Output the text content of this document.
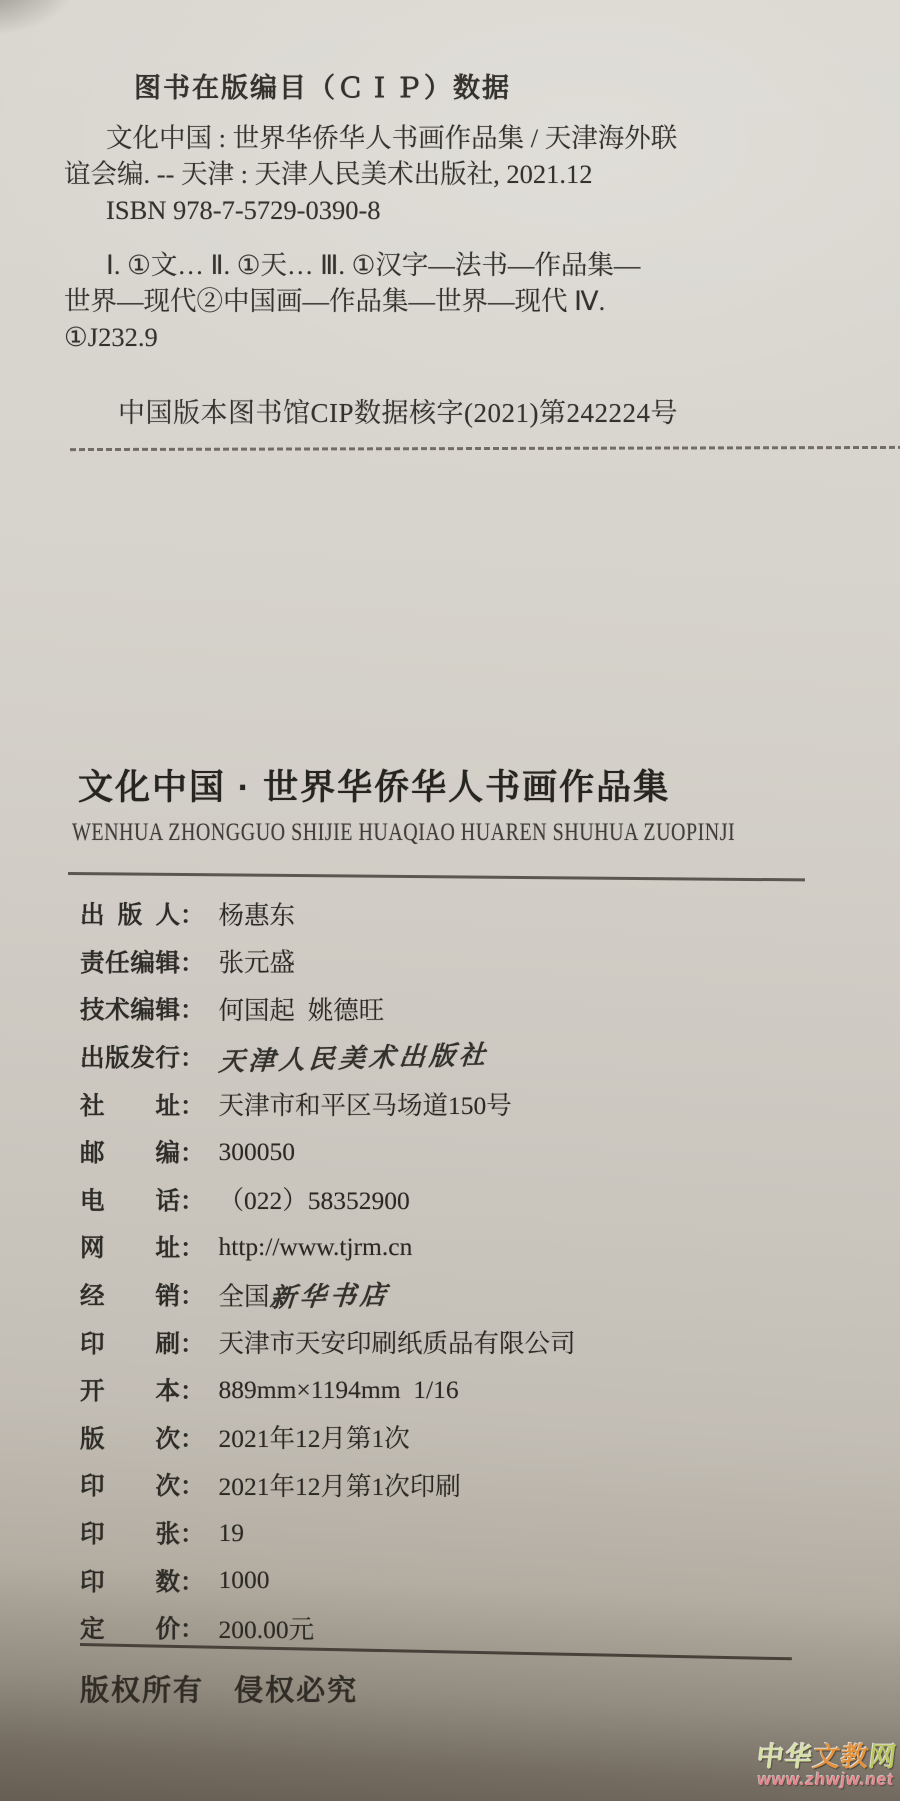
图书在版编目（ＣＩＰ）数据
文化中国 : 世界华侨华人书画作品集 / 天津海外联
谊会编. -- 天津 : 天津人民美术出版社, 2021.12
ISBN 978-7-5729-0390-8
Ⅰ. ①文… Ⅱ. ①天… Ⅲ. ①汉字—法书—作品集—
世界—现代②中国画—作品集—世界—现代 Ⅳ.
①J232.9
中国版本图书馆CIP数据核字(2021)第242224号
文化中国 · 世界华侨华人书画作品集
WENHUA ZHONGGUO SHIJIE HUAQIAO HUAREN SHUHUA ZUOPINJI
出 版 人 ： 杨惠东
责 任 编 辑 ： 张元盛
技 术 编 辑 ： 何国起  姚德旺
出 版 发 行 ： 天津人民美术出版社
社 址 ： 天津市和平区马场道150号
邮 编 ： 300050
电 话 ： （022）58352900
网 址 ： http://www.tjrm.cn
经 销 ： 全国新华书店
印 刷 ： 天津市天安印刷纸质品有限公司
开 本 ： 889mm×1194mm  1/16
版 次 ： 2021年12月第1次
印 次 ： 2021年12月第1次印刷
印 张 ： 19
印 数 ： 1000
定 价 ： 200.00元
版权所有   侵权必究
中华文教网
www.zhwjw.net
